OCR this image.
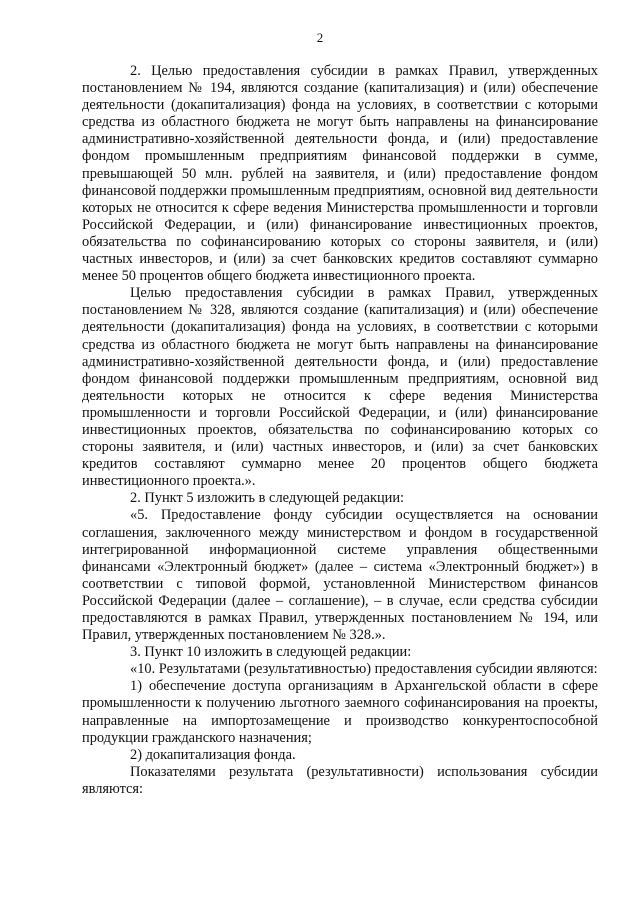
2

2. Целью предоставления субсидии в рамках Правил, утвержденных постановлением № 194, являются создание (капитализация) и (или) обеспечение деятельности (докапитализация) фонда на условиях, в соответствии с которыми средства из областного бюджета не могут быть направлены на финансирование административно-хозяйственной деятельности фонда, и (или) предоставление фондом промышленным предприятиям финансовой поддержки в сумме, превышающей 50 млн. рублей на заявителя, и (или) предоставление фондом финансовой поддержки промышленным предприятиям, основной вид деятельности которых не относится к сфере ведения Министерства промышленности и торговли Российской Федерации, и (или) финансирование инвестиционных проектов, обязательства по софинансированию которых со стороны заявителя, и (или) частных инвесторов, и (или) за счет банковских кредитов составляют суммарно менее 50 процентов общего бюджета инвестиционного проекта.

Целью предоставления субсидии в рамках Правил, утвержденных постановлением № 328, являются создание (капитализация) и (или) обеспечение деятельности (докапитализация) фонда на условиях, в соответствии с которыми средства из областного бюджета не могут быть направлены на финансирование административно-хозяйственной деятельности фонда, и (или) предоставление фондом финансовой поддержки промышленным предприятиям, основной вид деятельности которых не относится к сфере ведения Министерства промышленности и торговли Российской Федерации, и (или) финансирование инвестиционных проектов, обязательства по софинансированию которых со стороны заявителя, и (или) частных инвесторов, и (или) за счет банковских кредитов составляют суммарно менее 20 процентов общего бюджета инвестиционного проекта.».

2. Пункт 5 изложить в следующей редакции:

«5. Предоставление фонду субсидии осуществляется на основании соглашения, заключенного между министерством и фондом в государственной интегрированной информационной системе управления общественными финансами «Электронный бюджет» (далее – система «Электронный бюджет») в соответствии с типовой формой, установленной Министерством финансов Российской Федерации (далее – соглашение), – в случае, если средства субсидии предоставляются в рамках Правил, утвержденных постановлением № 194, или Правил, утвержденных постановлением № 328.».

3. Пункт 10 изложить в следующей редакции:

«10. Результатами (результативностью) предоставления субсидии являются:

1) обеспечение доступа организациям в Архангельской области в сфере промышленности к получению льготного заемного софинансирования на проекты, направленные на импортозамещение и производство конкурентоспособной продукции гражданского назначения;

2) докапитализация фонда.

Показателями результата (результативности) использования субсидии являются:
